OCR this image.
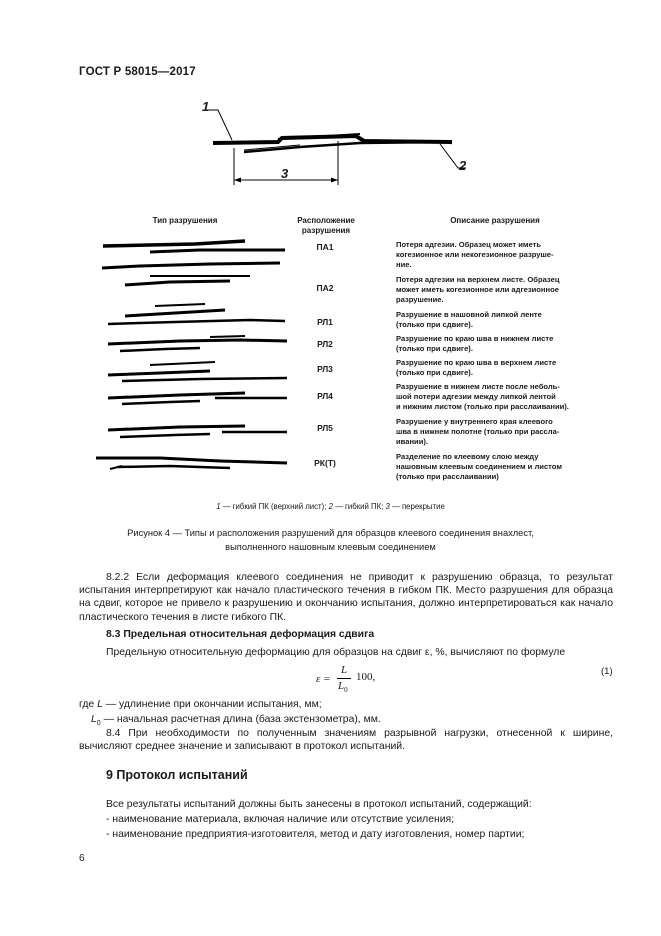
ГОСТ Р 58015—2017
1
2
3
Тип разрушения	Расположение
разрушения
Описание разрушения
ПА1
ПА2
РЛ1
РЛ2
РЛ3
РЛ4
РЛ5
РК(Т)
Потеря адгезии. Образец может иметь
когезионное или некогезионное разруше-
ние.
Потеря адгезии на верхнем листе. Образец
может иметь когезионное или адгезионное
разрушение.
Разрушение в нашовной липкой ленте
(только при сдвиге).
Разрушение по краю шва в нижнем листе
(только при сдвиге).
Разрушение по краю шва в верхнем листе
(только при сдвиге).
Разрушение в нижнем листе после неболь-
шой потери адгезии между липкой лентой
и нижним листом (только при расслаивании).
Разрушение у внутреннего края клеевого
шва в нижнем полотне (только при рассла-
ивании).
Разделение по клеевому слою между
нашовным клеевым соединением и листом
(только при расслаивании)
1 — гибкий ПК (верхний лист); 2 — гибкий ПК; 3 — перекрытие
Рисунок 4 — Типы и расположения разрушений для образцов клеевого соединения внахлест,
выполненного нашовным клеевым соединением
8.2.2 Если деформация клеевого соединения не приводит к разрушению образца, то результат испытания интерпретируют как начало пластического течения в гибком ПК. Место разрушения для образца на сдвиг, которое не привело к разрушению и окончанию испытания, должно интерпретироваться как начало пластического течения в листе гибкого ПК.
8.3 Предельная относительная деформация сдвига
Предельную относительную деформацию для образцов на сдвиг ε, %, вычисляют по формуле
ε =
L
$L_0$
100,	(1)
где L — удлинение при окончании испытания, мм;
$L_0$ — начальная расчетная длина (база экстензометра), мм.
8.4 При необходимости по полученным значениям разрывной нагрузки, отнесенной к ширине, вычисляют среднее значение и записывают в протокол испытаний.
9 Протокол испытаний
Все результаты испытаний должны быть занесены в протокол испытаний, содержащий:
- наименование материала, включая наличие или отсутствие усиления;
- наименование предприятия-изготовителя, метод и дату изготовления, номер партии;
6
